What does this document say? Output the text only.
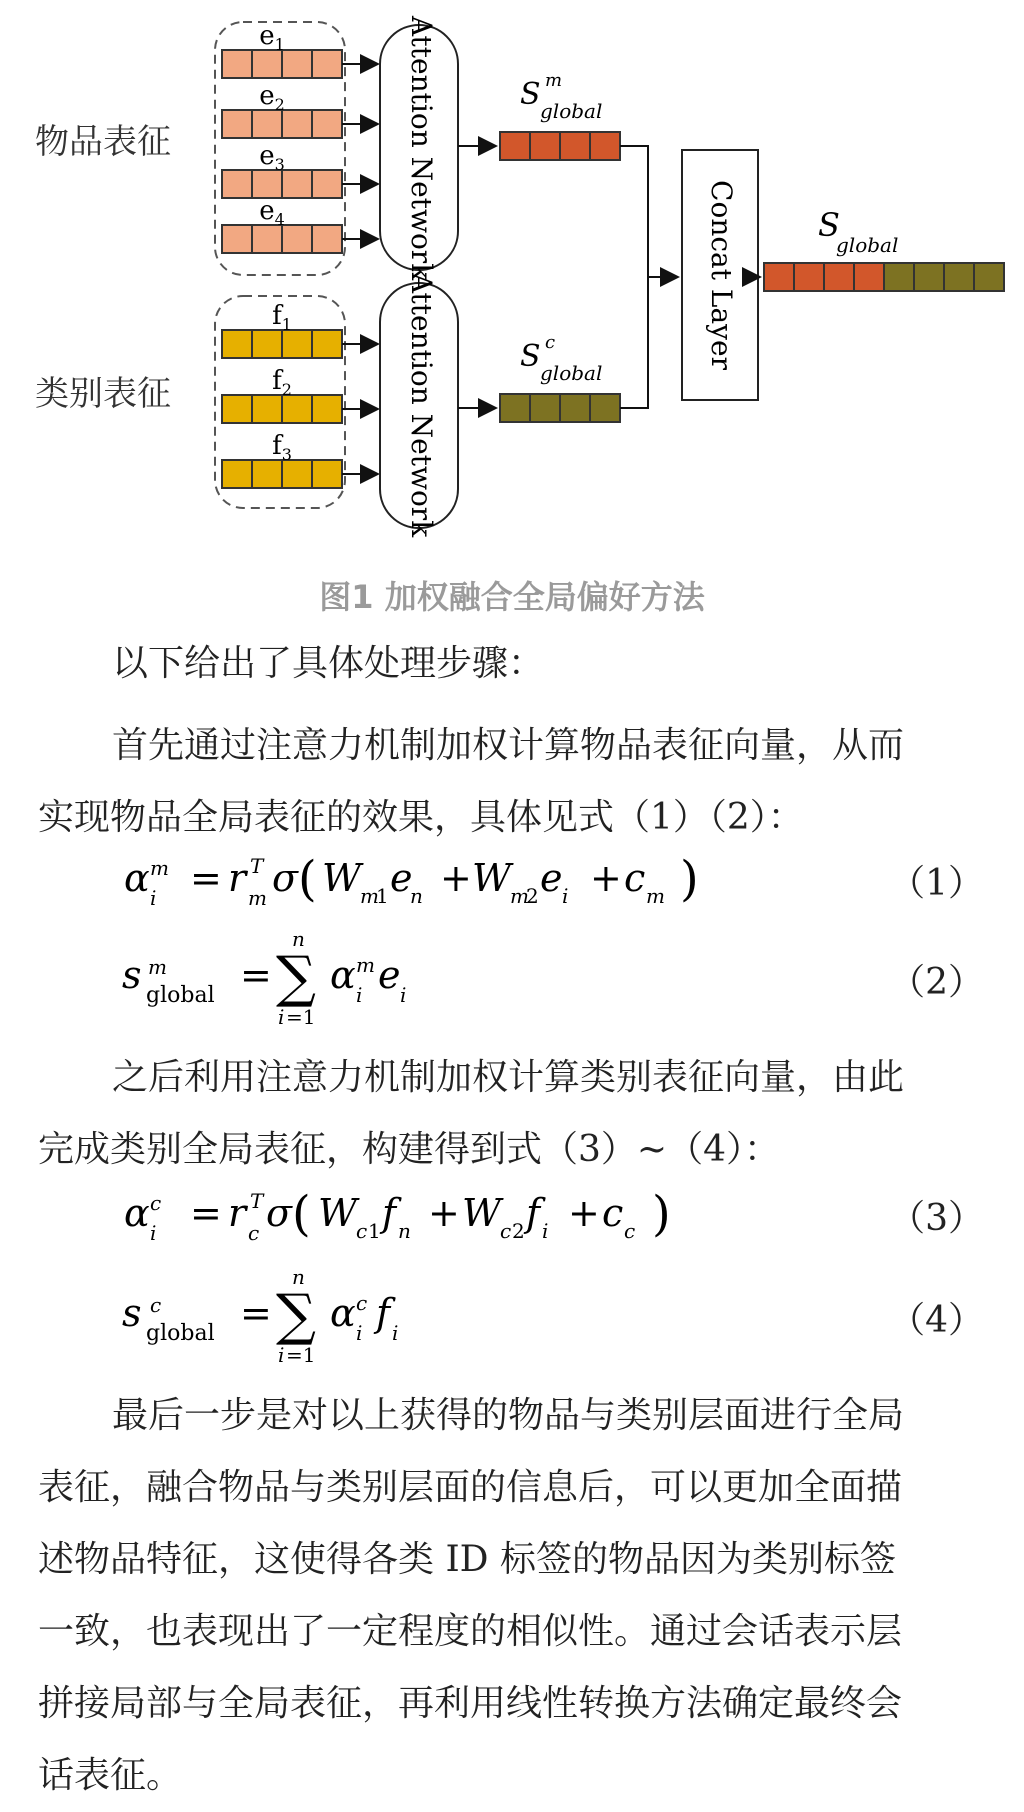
物品表征
类别表征
$e_1$
$e_2$
$e_3$
$e_4$
$f_1$
$f_2$
$f_3$
Attention Network
Attention Network
S m
global
S c
global
Concat Layer	S
global
图1 加权融合全局偏好方法
以下给出了具体处理步骤：
首先通过注意力机制加权计算物品表征向量，从而
实现物品全局表征的效果，具体见式（1）（2）：
α m
i = r m
T σ ( W
m
1 e
n + W
m
2 e i + c m )	（1）
s m
global = ∑
n
i =1
α m
i e i	（2）
之后利用注意力机制加权计算类别表征向量，由此
完成类别全局表征，构建得到式（3）~（4）：
α c
i = r c
T σ ( W
c 1 f n + W
c 2 f i + c c )	（3）
s c
global = ∑
n
i =1
α c
i f i	（4）
最后一步是对以上获得的物品与类别层面进行全局
表征，融合物品与类别层面的信息后，可以更加全面描
述物品特征，这使得各类 ID 标签的物品因为类别标签
一致，也表现出了一定程度的相似性。通过会话表示层
拼接局部与全局表征，再利用线性转换方法确定最终会
话表征。
